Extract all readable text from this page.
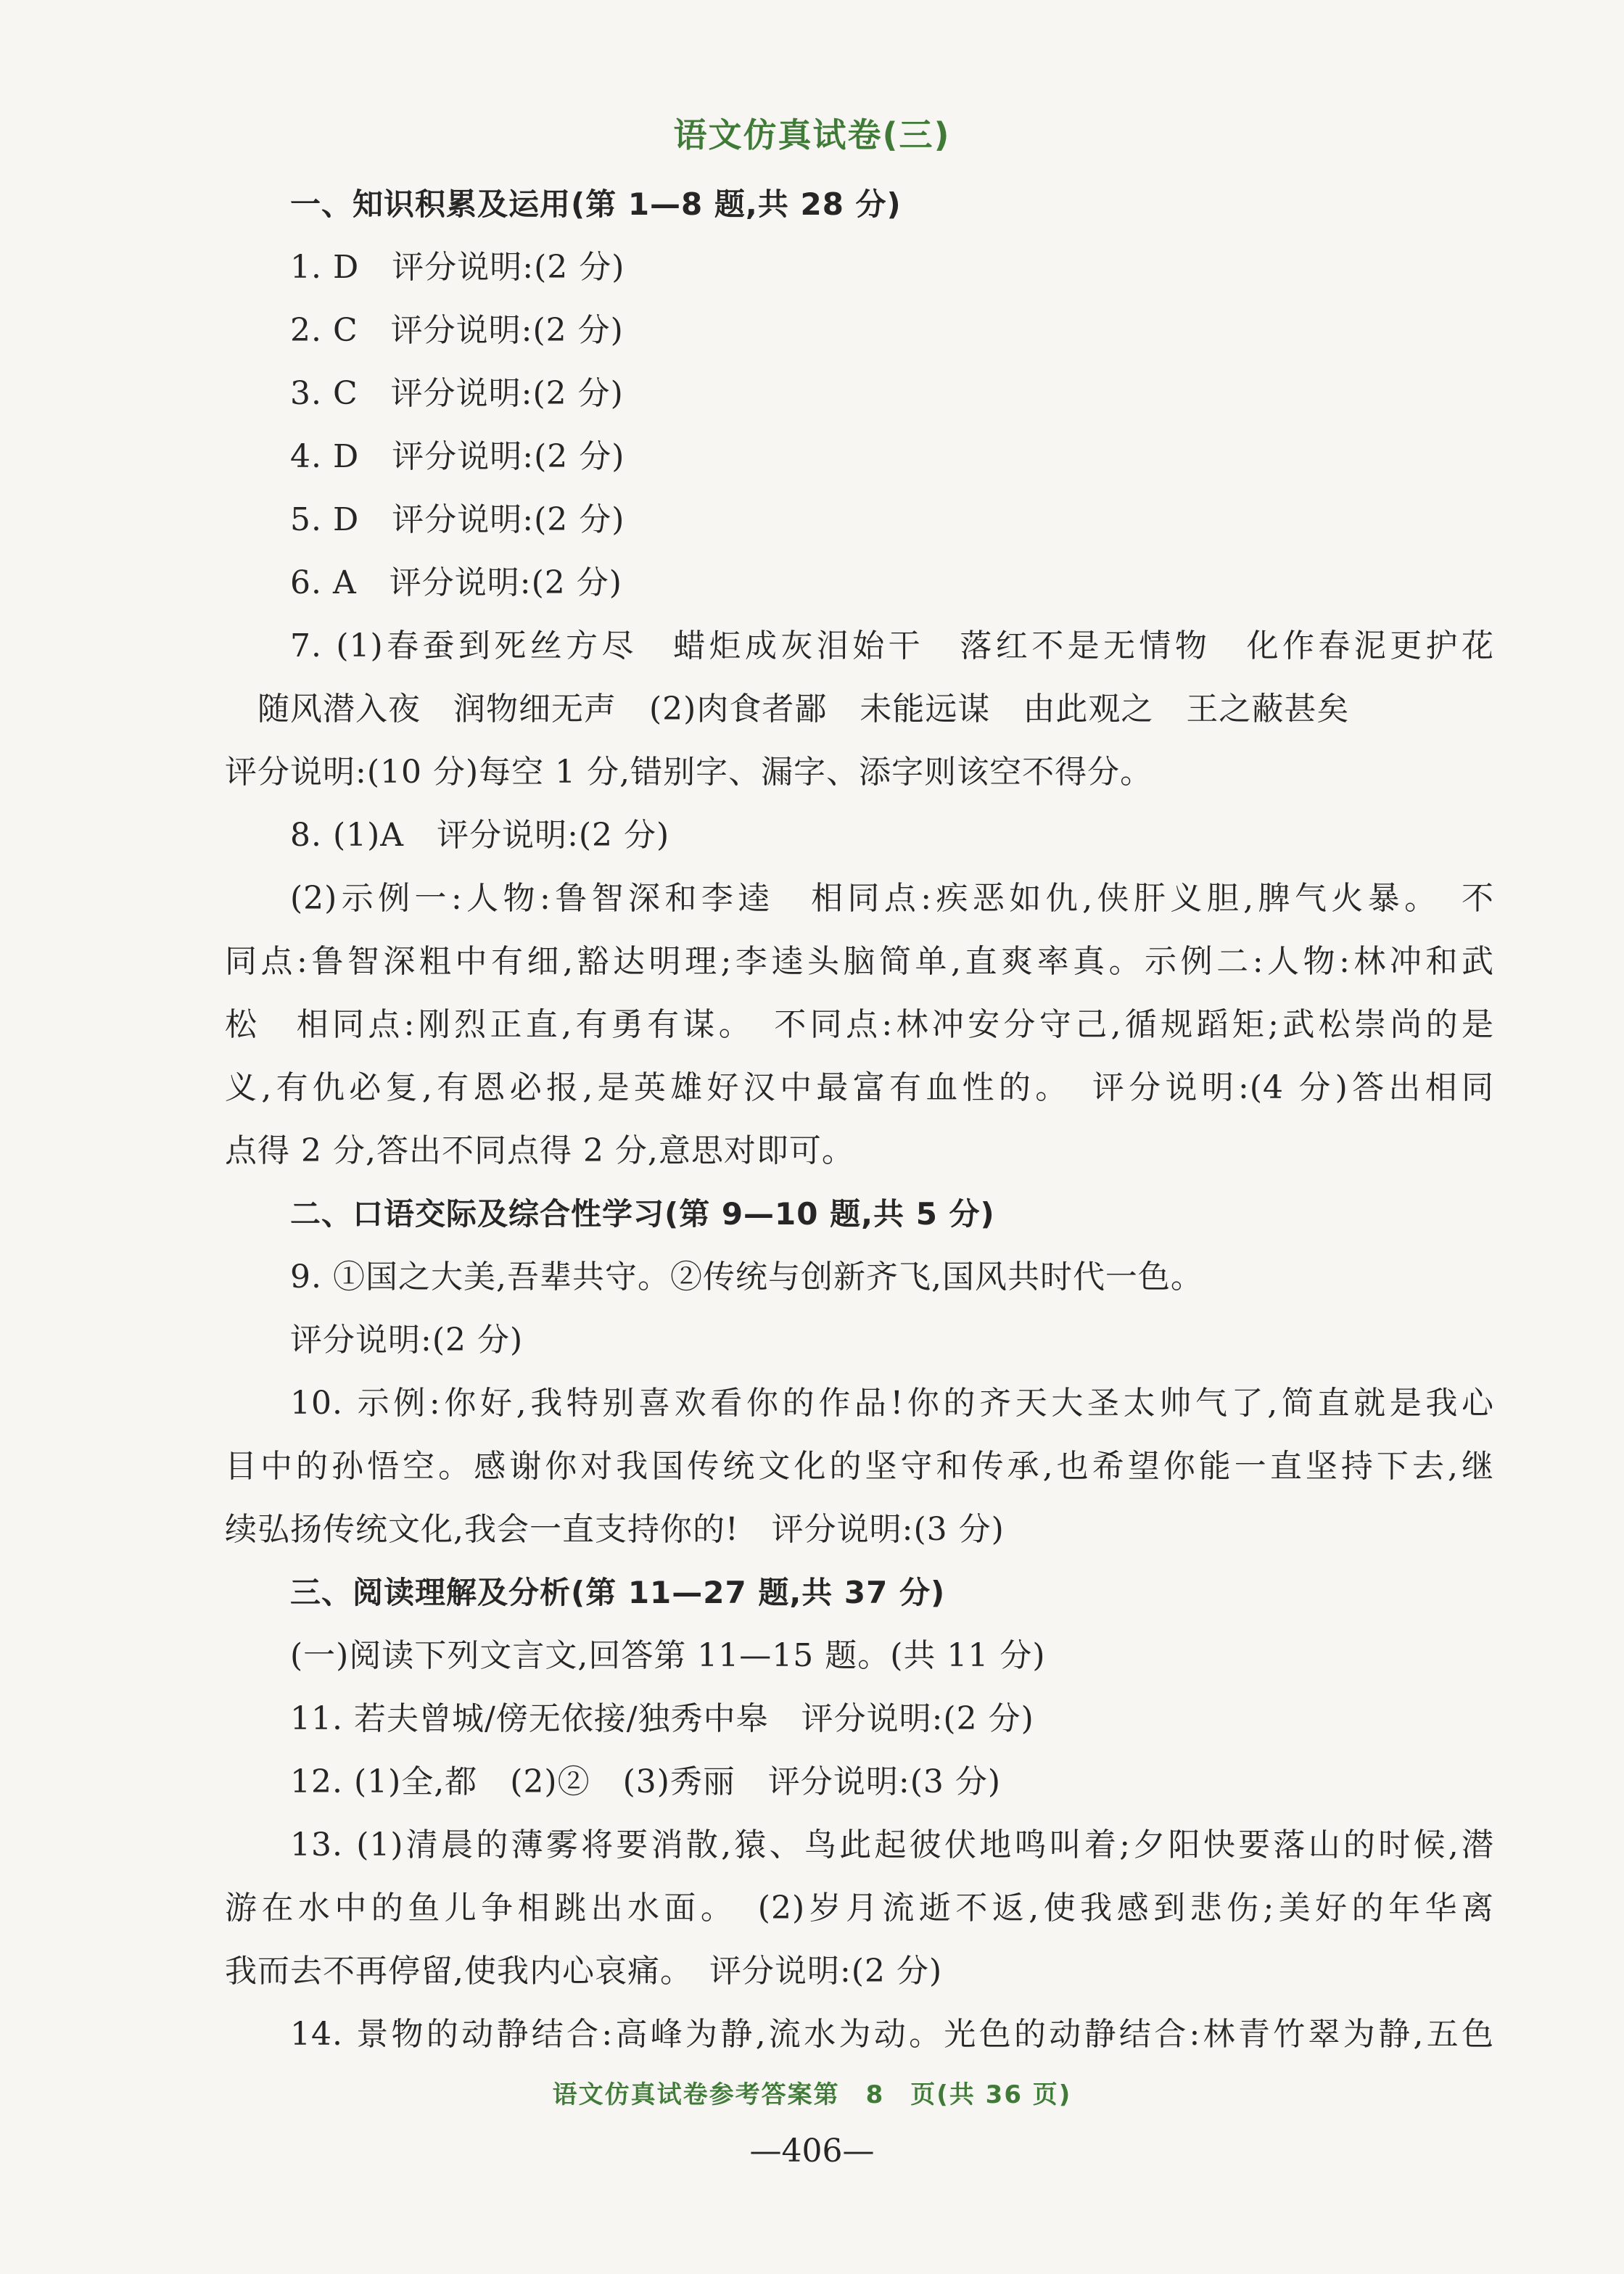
语文仿真试卷(三)
一、知识积累及运用(第 1—8 题,共 28 分)
1. D　评分说明:(2 分)
2. C　评分说明:(2 分)
3. C　评分说明:(2 分)
4. D　评分说明:(2 分)
5. D　评分说明:(2 分)
6. A　评分说明:(2 分)
7. (1)春蚕到死丝方尽　蜡炬成灰泪始干　落红不是无情物　化作春泥更护花
随风潜入夜　润物细无声　(2)肉食者鄙　未能远谋　由此观之　王之蔽甚矣
评分说明:(10 分)每空 1 分,错别字、漏字、添字则该空不得分。
8. (1)A　评分说明:(2 分)
(2)示例一:人物:鲁智深和李逵　相同点:疾恶如仇,侠肝义胆,脾气火暴。　不
同点:鲁智深粗中有细,豁达明理;李逵头脑简单,直爽率真。示例二:人物:林冲和武
松　相同点:刚烈正直,有勇有谋。　不同点:林冲安分守己,循规蹈矩;武松崇尚的是
义,有仇必复,有恩必报,是英雄好汉中最富有血性的。　评分说明:(4 分)答出相同
点得 2 分,答出不同点得 2 分,意思对即可。
二、口语交际及综合性学习(第 9—10 题,共 5 分)
9. ①国之大美,吾辈共守。②传统与创新齐飞,国风共时代一色。
评分说明:(2 分)
10. 示例:你好,我特别喜欢看你的作品!你的齐天大圣太帅气了,简直就是我心
目中的孙悟空。感谢你对我国传统文化的坚守和传承,也希望你能一直坚持下去,继
续弘扬传统文化,我会一直支持你的!　评分说明:(3 分)
三、阅读理解及分析(第 11—27 题,共 37 分)
(一)阅读下列文言文,回答第 11—15 题。(共 11 分)
11. 若夫曾城/傍无依接/独秀中皋　评分说明:(2 分)
12. (1)全,都　(2)②　(3)秀丽　评分说明:(3 分)
13. (1)清晨的薄雾将要消散,猿、鸟此起彼伏地鸣叫着;夕阳快要落山的时候,潜
游在水中的鱼儿争相跳出水面。　(2)岁月流逝不返,使我感到悲伤;美好的年华离
我而去不再停留,使我内心哀痛。　评分说明:(2 分)
14. 景物的动静结合:高峰为静,流水为动。光色的动静结合:林青竹翠为静,五色
语文仿真试卷参考答案第　8　页(共 36 页)
—406—
